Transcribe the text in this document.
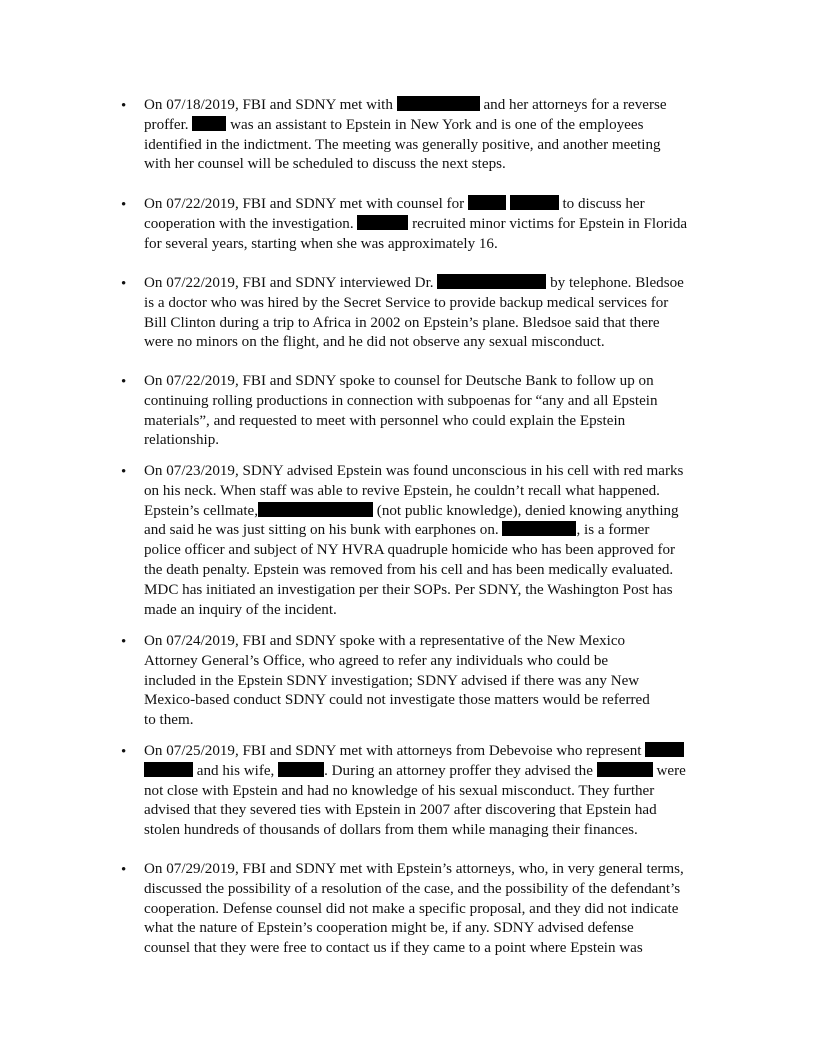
• On 07/18/2019, FBI and SDNY met with	and her attorneys for a reverse
proffer.  was an assistant to Epstein in New York and is one of the employees
identified in the indictment. The meeting was generally positive, and another meeting
with her counsel will be scheduled to discuss the next steps.
• On 07/22/2019, FBI and SDNY met with counsel for	to discuss her
cooperation with the investigation.	recruited minor victims for Epstein in Florida
for several years, starting when she was approximately 16.
• On 07/22/2019, FBI and SDNY interviewed Dr.	by telephone. Bledsoe
is a doctor who was hired by the Secret Service to provide backup medical services for
Bill Clinton during a trip to Africa in 2002 on Epstein’s plane. Bledsoe said that there
were no minors on the flight, and he did not observe any sexual misconduct.
• On 07/22/2019, FBI and SDNY spoke to counsel for Deutsche Bank to follow up on
continuing rolling productions in connection with subpoenas for “any and all Epstein
materials”, and requested to meet with personnel who could explain the Epstein
relationship.
• On 07/23/2019, SDNY advised Epstein was found unconscious in his cell with red marks
on his neck. When staff was able to revive Epstein, he couldn’t recall what happened.
Epstein’s cellmate,	(not public knowledge), denied knowing anything
and said he was just sitting on his bunk with earphones on.	, is a former
police officer and subject of NY HVRA quadruple homicide who has been approved for
the death penalty. Epstein was removed from his cell and has been medically evaluated.
MDC has initiated an investigation per their SOPs. Per SDNY, the Washington Post has
made an inquiry of the incident.
• On 07/24/2019, FBI and SDNY spoke with a representative of the New Mexico
Attorney General’s Office, who agreed to refer any individuals who could be
included in the Epstein SDNY investigation; SDNY advised if there was any New
Mexico-based conduct SDNY could not investigate those matters would be referred
to them.
• On 07/25/2019, FBI and SDNY met with attorneys from Debevoise who represent
and his wife,	. During an attorney proffer they advised the	were
not close with Epstein and had no knowledge of his sexual misconduct. They further
advised that they severed ties with Epstein in 2007 after discovering that Epstein had
stolen hundreds of thousands of dollars from them while managing their finances.
• On 07/29/2019, FBI and SDNY met with Epstein’s attorneys, who, in very general terms,
discussed the possibility of a resolution of the case, and the possibility of the defendant’s
cooperation. Defense counsel did not make a specific proposal, and they did not indicate
what the nature of Epstein’s cooperation might be, if any. SDNY advised defense
counsel that they were free to contact us if they came to a point where Epstein was
